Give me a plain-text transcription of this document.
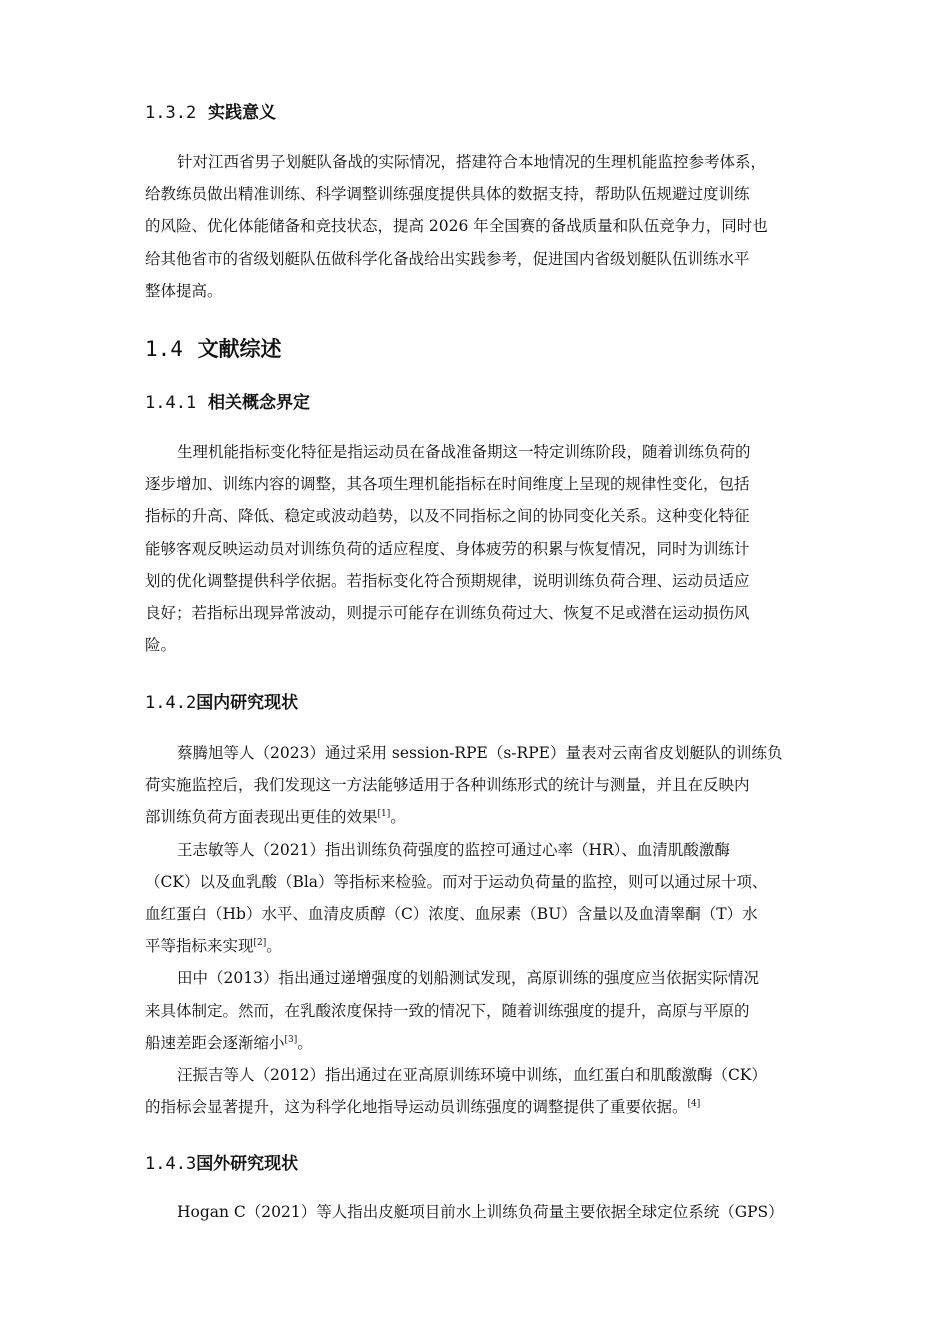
1.3.2 实践意义
针对江西省男子划艇队备战的实际情况，搭建符合本地情况的生理机能监控参考体系，
给教练员做出精准训练、科学调整训练强度提供具体的数据支持，帮助队伍规避过度训练
的风险、优化体能储备和竞技状态，提高 2026 年全国赛的备战质量和队伍竞争力，同时也
给其他省市的省级划艇队伍做科学化备战给出实践参考，促进国内省级划艇队伍训练水平
整体提高。
1.4 文献综述
1.4.1 相关概念界定
生理机能指标变化特征是指运动员在备战准备期这一特定训练阶段，随着训练负荷的
逐步增加、训练内容的调整，其各项生理机能指标在时间维度上呈现的规律性变化，包括
指标的升高、降低、稳定或波动趋势，以及不同指标之间的协同变化关系。这种变化特征
能够客观反映运动员对训练负荷的适应程度、身体疲劳的积累与恢复情况，同时为训练计
划的优化调整提供科学依据。若指标变化符合预期规律，说明训练负荷合理、运动员适应
良好；若指标出现异常波动，则提示可能存在训练负荷过大、恢复不足或潜在运动损伤风
险。
1.4.2国内研究现状
蔡腾旭等人（2023）通过采用 session-RPE（s-RPE）量表对云南省皮划艇队的训练负
荷实施监控后，我们发现这一方法能够适用于各种训练形式的统计与测量，并且在反映内
部训练负荷方面表现出更佳的效果[1]。
王志敏等人（2021）指出训练负荷强度的监控可通过心率（HR）、血清肌酸激酶
（CK）以及血乳酸（Bla）等指标来检验。而对于运动负荷量的监控，则可以通过尿十项、
血红蛋白（Hb）水平、血清皮质醇（C）浓度、血尿素（BU）含量以及血清睾酮（T）水
平等指标来实现[2]。
田中（2013）指出通过递增强度的划船测试发现，高原训练的强度应当依据实际情况
来具体制定。然而，在乳酸浓度保持一致的情况下，随着训练强度的提升，高原与平原的
船速差距会逐渐缩小[3]。
汪振吉等人（2012）指出通过在亚高原训练环境中训练，血红蛋白和肌酸激酶（CK）
的指标会显著提升，这为科学化地指导运动员训练强度的调整提供了重要依据。[4]
1.4.3国外研究现状
Hogan C（2021）等人指出皮艇项目前水上训练负荷量主要依据全球定位系统（GPS）
